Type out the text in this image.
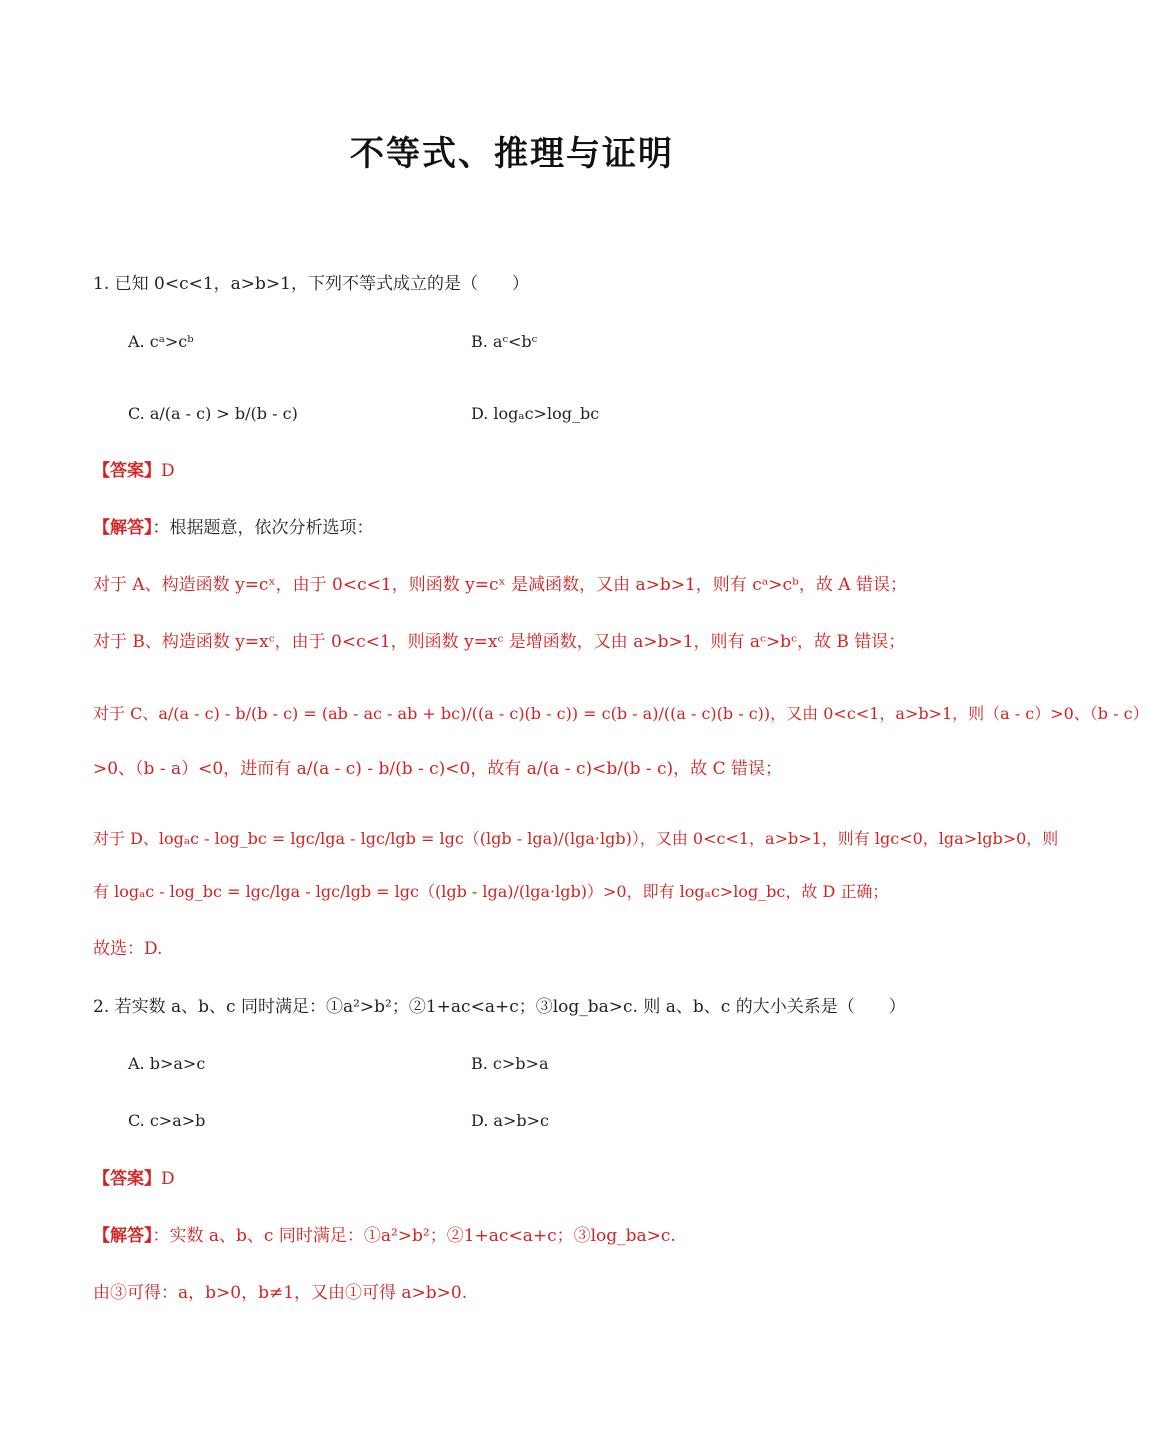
不等式、推理与证明
1. 已知 0<c<1，a>b>1，下列不等式成立的是（　　）
A. cᵃ>cᵇ	B. aᶜ<bᶜ
C. a/(a - c) > b/(b - c)	D. logₐc>log_bc
【答案】D
【解答】：根据题意，依次分析选项：
对于 A、构造函数 y=cˣ，由于 0<c<1，则函数 y=cˣ 是减函数，又由 a>b>1，则有 cᵃ>cᵇ，故 A 错误；
对于 B、构造函数 y=xᶜ，由于 0<c<1，则函数 y=xᶜ 是增函数，又由 a>b>1，则有 aᶜ>bᶜ，故 B 错误；
对于 C、a/(a - c) - b/(b - c) = (ab - ac - ab + bc)/((a - c)(b - c)) = c(b - a)/((a - c)(b - c))，又由 0<c<1，a>b>1，则（a - c）>0、（b - c）
>0、（b - a）<0，进而有 a/(a - c) - b/(b - c)<0，故有 a/(a - c)<b/(b - c)，故 C 错误；
对于 D、logₐc - log_bc = lgc/lga - lgc/lgb = lgc（(lgb - lga)/(lga·lgb)），又由 0<c<1，a>b>1，则有 lgc<0，lga>lgb>0，则
有 logₐc - log_bc = lgc/lga - lgc/lgb = lgc（(lgb - lga)/(lga·lgb)）>0，即有 logₐc>log_bc，故 D 正确；
故选：D.
2. 若实数 a、b、c 同时满足：①a²>b²；②1+ac<a+c；③log_ba>c. 则 a、b、c 的大小关系是（　　）
A. b>a>c	B. c>b>a
C. c>a>b	D. a>b>c
【答案】D
【解答】：实数 a、b、c 同时满足：①a²>b²；②1+ac<a+c；③log_ba>c.
由③可得：a，b>0，b≠1，又由①可得 a>b>0.
